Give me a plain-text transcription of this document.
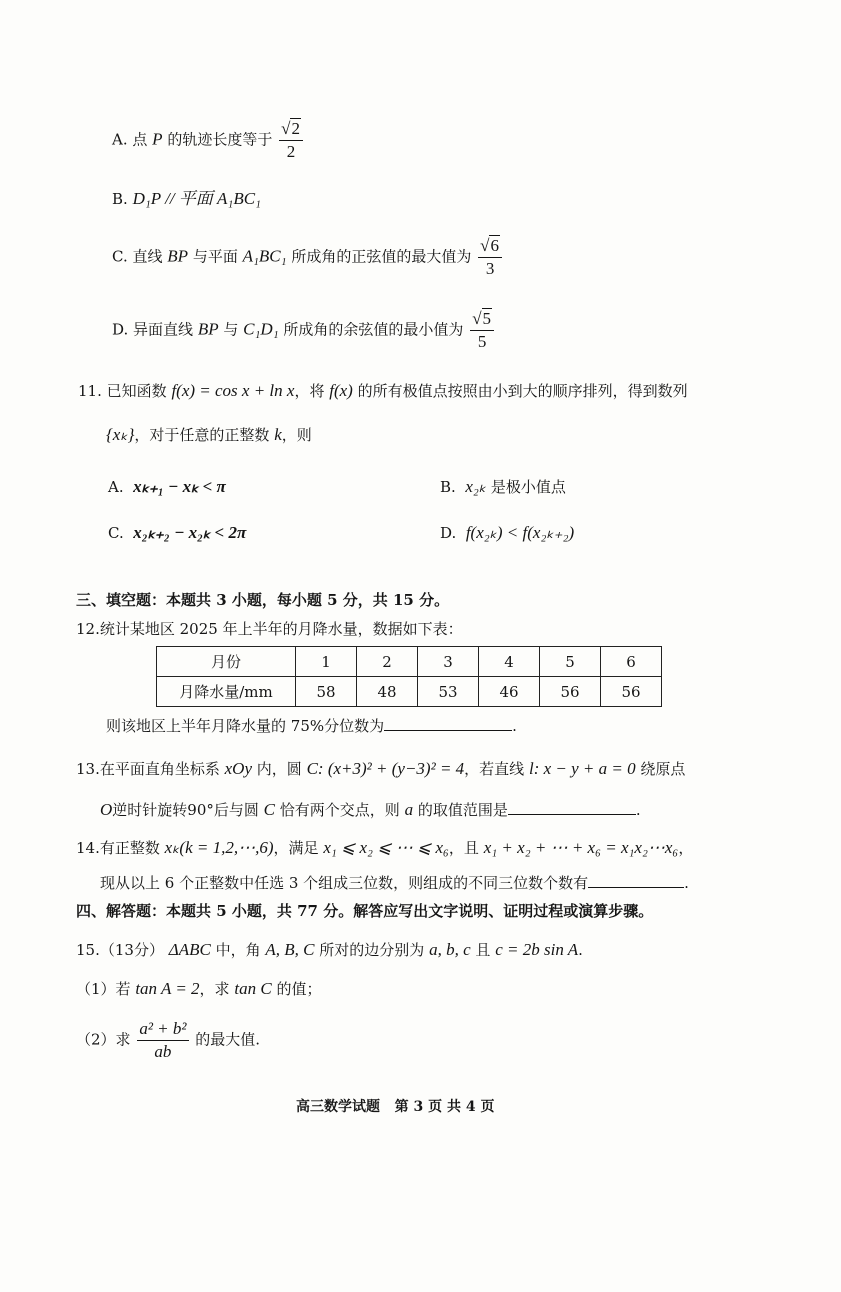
A. 点 P 的轨迹长度等于 $\frac{√2}{2}$
B. D₁P // 平面 A₁BC₁
C. 直线 BP 与平面 A₁BC₁ 所成角的正弦值的最大值为 $\frac{√6}{3}$
D. 异面直线 BP 与 C₁D₁ 所成角的余弦值的最小值为 $\frac{√5}{5}$
11. 已知函数 f(x) = cos x + ln x，将 f(x) 的所有极值点按照由小到大的顺序排列，得到数列
{xₖ}，对于任意的正整数 k，则
A. xₖ₊₁ − xₖ < π	B. x₂ₖ 是极小值点
C. x₂ₖ₊₂ − x₂ₖ < 2π	D. f(x₂ₖ) < f(x₂ₖ₊₂)
三、填空题：本题共 3 小题，每小题 5 分，共 15 分。
12.统计某地区 2025 年上半年的月降水量，数据如下表：
月份	1	2	3	4	5	6
月降水量/mm	58	48	53	46	56	56
则该地区上半年月降水量的 75%分位数为	.
13.在平面直角坐标系 xOy 内，圆 C: (x+3)² + (y−3)² = 4，若直线 l: x − y + a = 0 绕原点
O逆时针旋转90°后与圆 C 恰有两个交点，则 a 的取值范围是	.
14.有正整数 xₖ(k = 1,2,⋯,6)，满足 x₁ ⩽ x₂ ⩽ ⋯ ⩽ x₆，且 x₁ + x₂ + ⋯ + x₆ = x₁x₂⋯x₆，
现从以上 6 个正整数中任选 3 个组成三位数，则组成的不同三位数个数有	.
四、解答题：本题共 5 小题，共 77 分。解答应写出文字说明、证明过程或演算步骤。
15.（13分） ΔABC 中，角 A, B, C 所对的边分别为 a, b, c 且 c = 2b sin A.
（1）若 tan A = 2，求 tan C 的值；
（2）求 $\frac{\text{a² + b²}}{ab}$ 的最大值.
高三数学试题   第 3 页 共 4 页
